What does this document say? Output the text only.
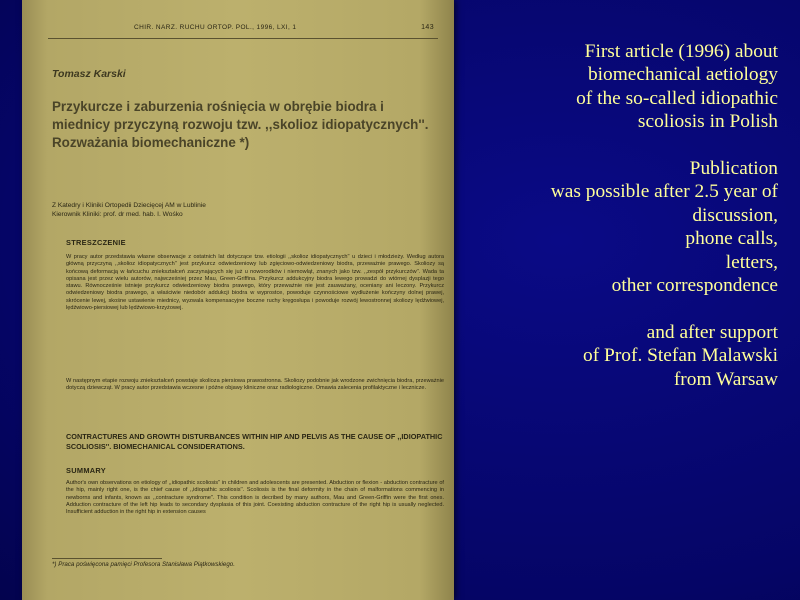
CHIR. NARZ. RUCHU ORTOP. POL., 1996, LXI, 1	143
Tomasz Karski
Przykurcze i zaburzenia rośnięcia w obrębie biodra i miednicy przyczyną rozwoju tzw. ,,skolioz idiopatycznych''. Rozważania biomechaniczne *)
Z Katedry i Kliniki Ortopedii Dziecięcej AM w Lublinie
Kierownik Kliniki: prof. dr med. hab. I. Wośko
STRESZCZENIE
W pracy autor przedstawia własne obserwacje z ostatnich lat dotyczące tzw. etiologii ,,skolioz idiopatycznych'' u dzieci i młodzieży. Według autora główną przyczyną ,,skolioz idiopatycznych'' jest przykurcz odwiedzeniowy lub zgięciowo-odwiedzeniowy biodra, przeważnie prawego. Skoliozy są końcową deformacją w łańcuchu zniekształceń zaczynających się już u noworodków i niemowląt, znanych jako tzw. ,,zespół przykurczów''. Wada ta opisana jest przez wielu autorów, najwcześniej przez Mau, Green-Griffina. Przykurcz addukcyjny biodra lewego prowadzi do wtórnej dysplazji tego stawu. Równocześnie istnieje przykurcz odwiedzeniowy biodra prawego, który przeważnie nie jest zauważany, oceniany ani leczony. Przykurcz odwiedzeniowy biodra prawego, a właściwie niedobór addukcji biodra w wyprostce, powoduje czynnościowe wydłużenie kończyny dolnej prawej, skrócenie lewej, skośne ustawienie miednicy, wyzwala kompensacyjne boczne ruchy kręgosłupa i powoduje rozwój lewostronnej skoliozy lędźwiowej, lędźwiowo-piersiowej lub lędźwiowo-krzyżowej.
W następnym etapie rozwoju zniekształceń powstaje skolioza piersiowa prawostronna. Skoliozy podobnie jak wrodzone zwichnięcia biodra, przeważnie dotyczą dziewcząt. W pracy autor przedstawia wczesne i późne objawy kliniczne oraz radiologiczne. Omawia zalecenia profilaktyczne i lecznicze.
CONTRACTURES AND GROWTH DISTURBANCES WITHIN HIP AND PELVIS AS THE CAUSE OF ,,IDIOPATHIC SCOLIOSIS''. BIOMECHANICAL CONSIDERATIONS.
SUMMARY
Author's own observations on etiology of ,,idiopathic scoliosis'' in children and adolescents are presented. Abduction or flexion - abduction contracture of the hip, mainly right one, is the chief cause of ,,idiopathic scoliosis''. Scoliosis is the final deformity in the chain of malformations commencing in newborns and infants, known as ,,contracture syndrome''. This condition is decribed by many authors, Mau and Green-Griffin were the first ones. Adduction contracture of the left hip leads to secondary dysplasia of this joint. Coexisting abduction contracture of the right hip is usually neglected. Insufficient adduction in the right hip in extension causes
*) Praca poświęcona pamięci Profesora Stanisława Piątkowskiego.

First article (1996) about

biomechanical aetiology

of the so-called idiopathic

scoliosis in Polish

Publication

was possible after 2.5 year of

discussion,

phone calls,

letters,

other correspondence

and after support

of Prof. Stefan Malawski

from Warsaw
